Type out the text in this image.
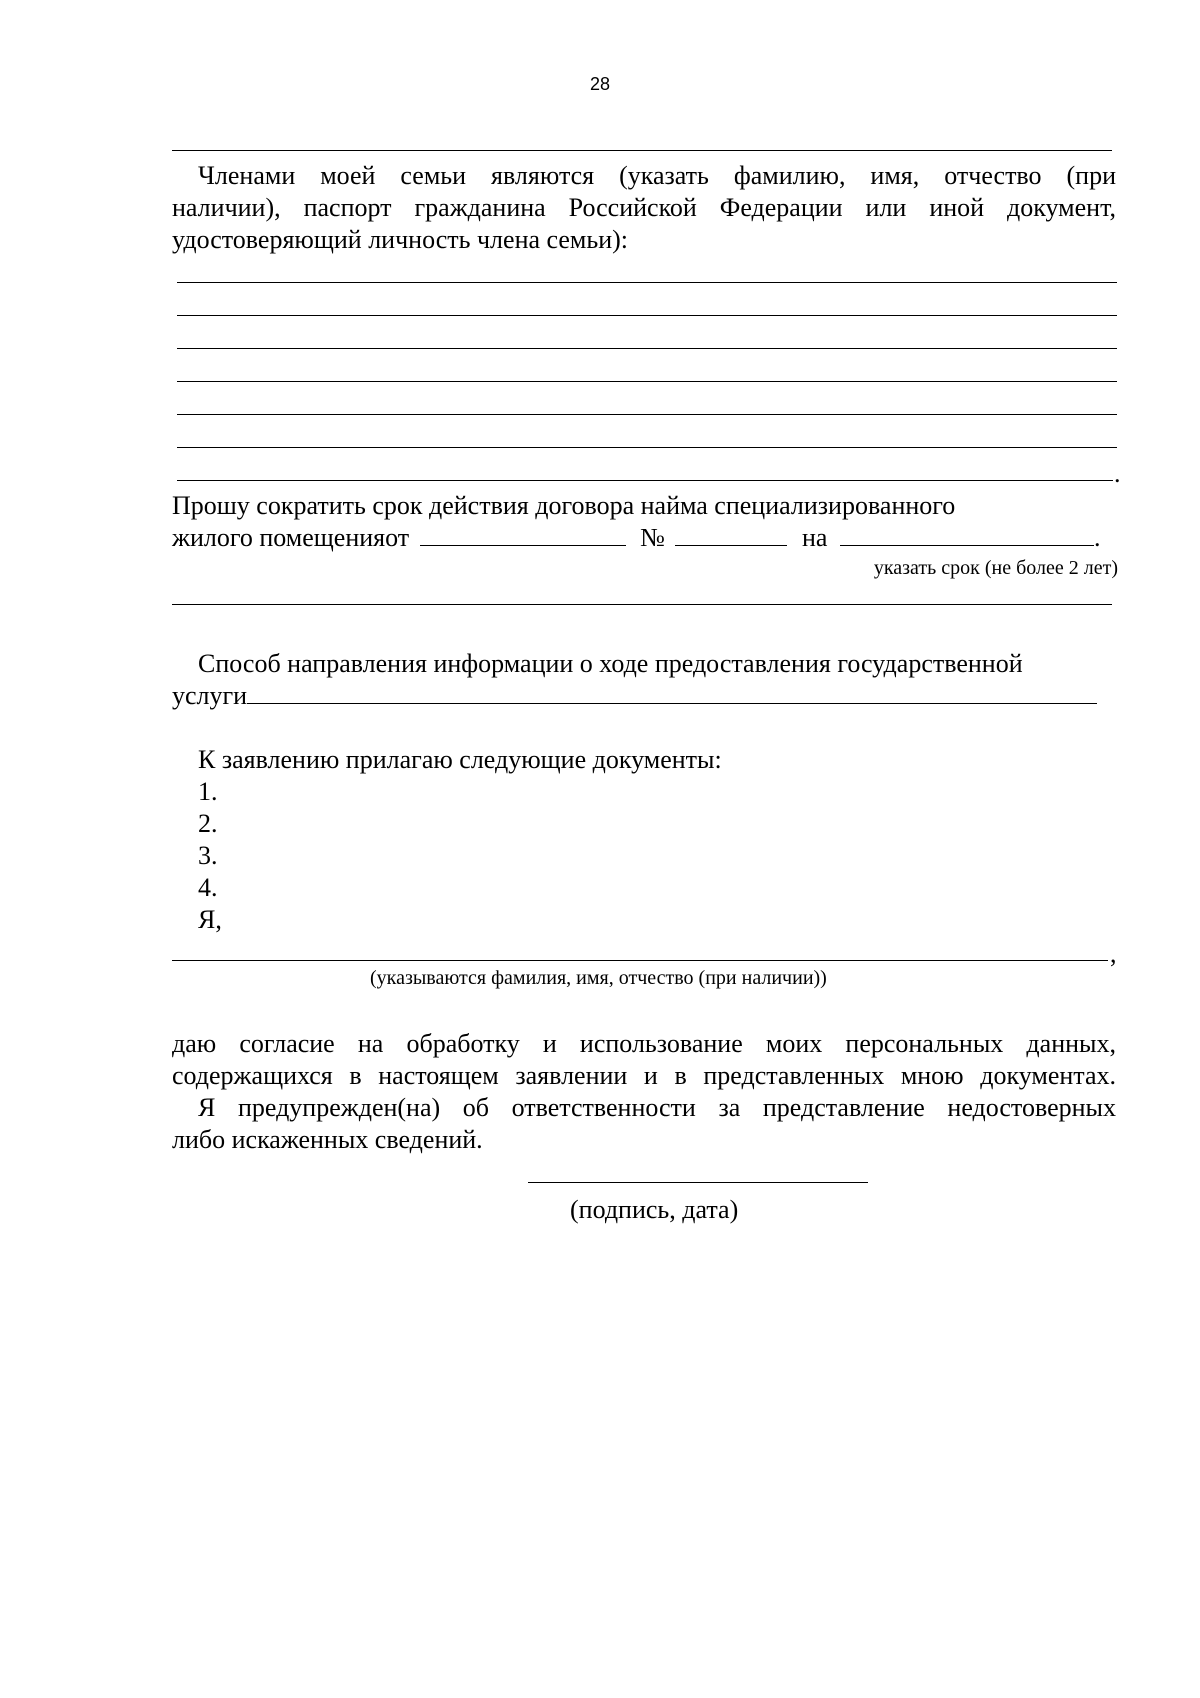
28
Членами моей семьи являются (указать фамилию, имя, отчество (при
наличии), паспорт гражданина Российской Федерации или иной документ,
удостоверяющий личность члена семьи):
.
Прошу сократить срок действия договора найма специализированного
жилого помещенияот	№	на	.
указать срок (не более 2 лет)
Способ направления информации о ходе предоставления государственной
услуги
К заявлению прилагаю следующие документы:
1.
2.
3.
4.
Я,
,
(указываются фамилия, имя, отчество (при наличии))
даю согласие на обработку и использование моих персональных данных,
содержащихся в настоящем заявлении и в представленных мною документах.
Я предупрежден(на) об ответственности за представление недостоверных
либо искаженных сведений.
(подпись, дата)
